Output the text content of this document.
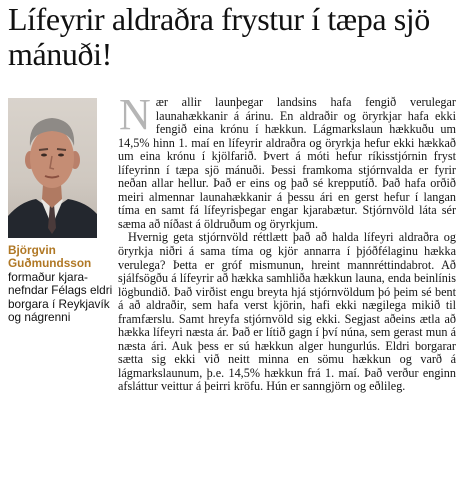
Lífeyrir aldraðra frystur í tæpa sjö mánuði!
Björgvin Guðmundsson
formaður kjara-nefndar Félags eldri borgara í Reykjavík og nágrenni

Nær allir launþegar landsins hafa fengið verulegar launahækkanir á árinu. En aldraðir og öryrkjar hafa ekki fengið eina krónu í hækkun. Lágmarkslaun hækkuðu um 14,5% hinn 1. maí en lífeyrir aldraðra og öryrkja hefur ekki hækkað um eina krónu í kjölfarið. Þvert á móti hefur ríkisstjórnin fryst lífeyrinn í tæpa sjö mánuði. Þessi framkoma stjórnvalda er fyrir neðan allar hellur. Það er eins og það sé krepputíð. Það hafa orðið meiri almennar launahækkanir á þessu ári en gerst hefur í langan tíma en samt fá lífeyrisþegar engar kjarabætur. Stjórnvöld láta sér sæma að níðast á öldruðum og öryrkjum.

Hvernig geta stjórnvöld réttlætt það að halda lífeyri aldraðra og öryrkja niðri á sama tíma og kjör annarra í þjóðfélaginu hækka verulega? Þetta er gróf mismunun, hreint mannréttindabrot. Að sjálfsögðu á lífeyrir að hækka samhliða hækkun launa, enda beinlínis lögbundið. Það virðist engu breyta hjá stjórnvöldum þó þeim sé bent á að aldraðir, sem hafa verst kjörin, hafi ekki nægilega mikið til framfærslu. Samt hreyfa stjórnvöld sig ekki. Segjast aðeins ætla að hækka lífeyri næsta ár. Það er lítið gagn í því núna, sem gerast mun á næsta ári. Auk þess er sú hækkun alger hungurlús. Eldri borgarar sætta sig ekki við neitt minna en sömu hækkun og varð á lágmarkslaunum, þ.e. 14,5% hækkun frá 1. maí. Það verður enginn afsláttur veittur á þeirri kröfu. Hún er sanngjörn og eðlileg.
